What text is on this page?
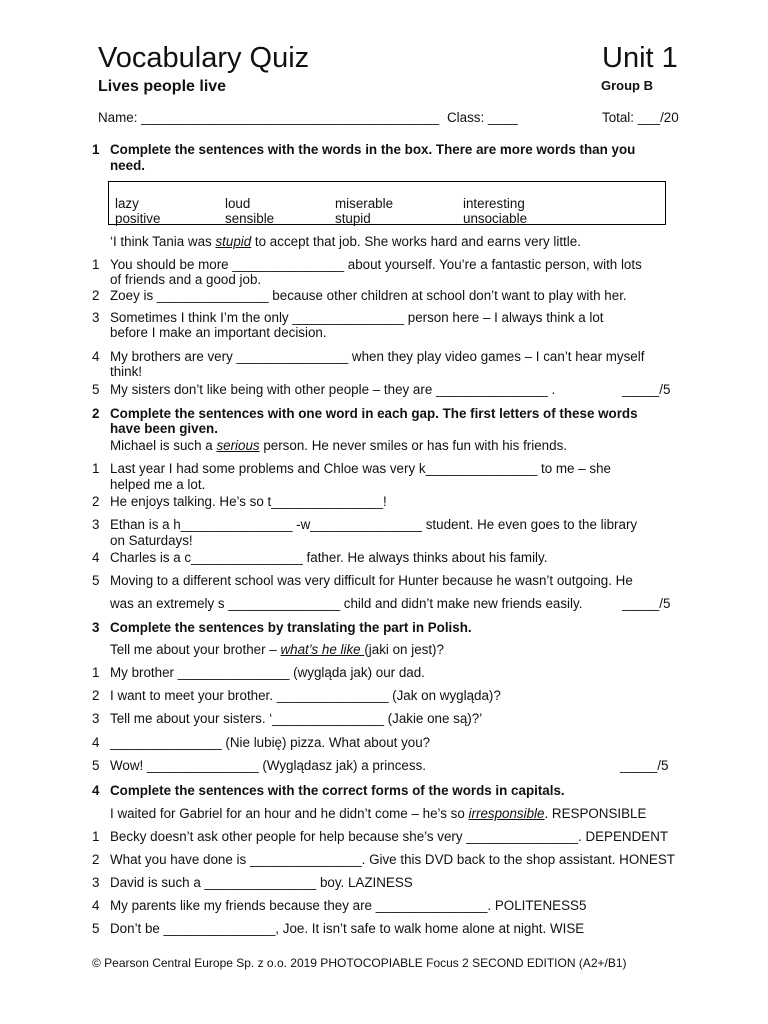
Vocabulary Quiz
Lives people live
Unit 1
Group B
Name: ________________________________________ Class: ____	Total: ___/20
1 Complete the sentences with the words in the box. There are more words than you
need.
lazy	loud	miserable	interesting
positive	sensible	stupid	unsociable
‘I think Tania was stupid to accept that job. She works hard and earns very little.
1 You should be more _______________ about yourself. You’re a fantastic person, with lots
of friends and a good job.
2 Zoey is _______________ because other children at school don’t want to play with her.
3 Sometimes I think I’m the only _______________ person here – I always think a lot
before I make an important decision.
4 My brothers are very _______________ when they play video games – I can’t hear myself
think!
5 My sisters don’t like being with other people – they are _______________ .	_____/5
2 Complete the sentences with one word in each gap. The first letters of these words
have been given.
Michael is such a serious person. He never smiles or has fun with his friends.
1 Last year I had some problems and Chloe was very k_______________ to me – she
helped me a lot.
2 He enjoys talking. He’s so t_______________!
3 Ethan is a h_______________ -w_______________ student. He even goes to the library
on Saturdays!
4 Charles is a c_______________ father. He always thinks about his family.
5 Moving to a different school was very difficult for Hunter because he wasn’t outgoing. He
was an extremely s _______________ child and didn’t make new friends easily.	_____/5
3 Complete the sentences by translating the part in Polish.
Tell me about your brother – what’s he like (jaki on jest)?
1 My brother _______________ (wygląda jak) our dad.
2 I want to meet your brother. _______________ (Jak on wygląda)?
3 Tell me about your sisters. ‘_______________ (Jakie one są)?’
4 _______________ (Nie lubię) pizza. What about you?
5 Wow! _______________ (Wyglądasz jak) a princess.	_____/5
4 Complete the sentences with the correct forms of the words in capitals.
I waited for Gabriel for an hour and he didn’t come – he’s so irresponsible. RESPONSIBLE
1 Becky doesn’t ask other people for help because she’s very _______________. DEPENDENT
2 What you have done is _______________. Give this DVD back to the shop assistant. HONEST
3 David is such a _______________ boy. LAZINESS
4 My parents like my friends because they are _______________. POLITENESS5
5 Don’t be _______________, Joe. It isn’t safe to walk home alone at night. WISE
© Pearson Central Europe Sp. z o.o. 2019 PHOTOCOPIABLE Focus 2 SECOND EDITION (A2+/B1)
